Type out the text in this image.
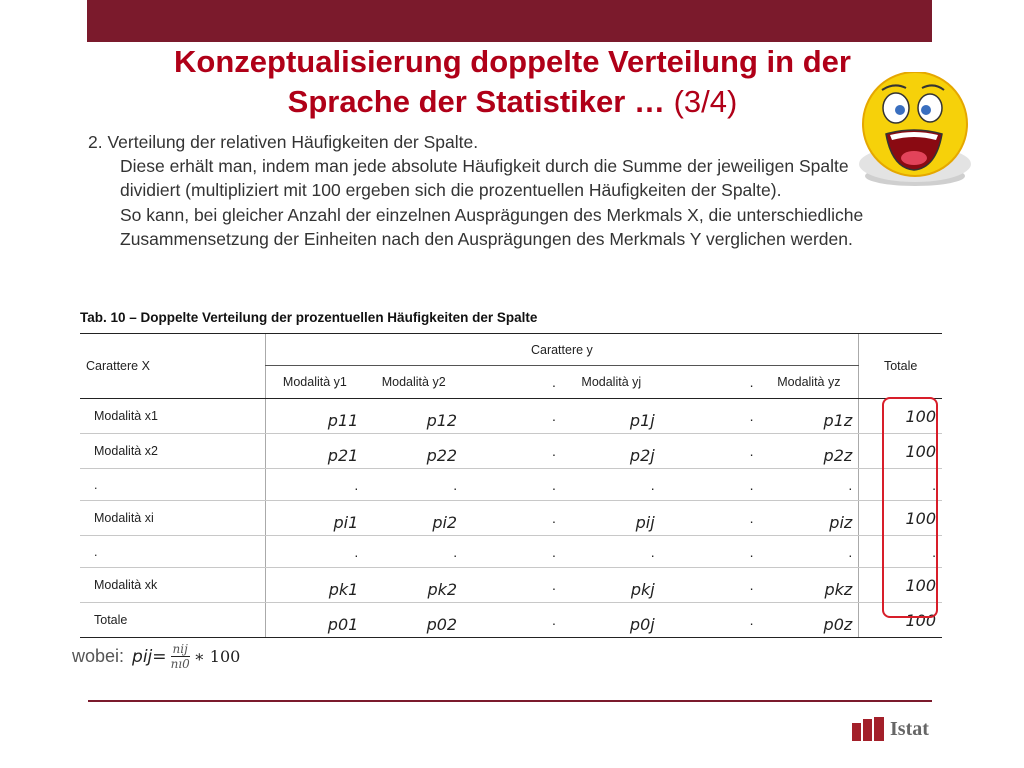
Konzeptualisierung doppelte Verteilung in der
Sprache der Statistiker … (3/4)

2. Verteilung der relativen Häufigkeiten der Spalte.

Diese erhält man, indem man jede absolute Häufigkeit durch die Summe der jeweiligen Spalte dividiert (multipliziert mit 100 ergeben sich die prozentuellen Häufigkeiten der Spalte).

So kann, bei gleicher Anzahl der einzelnen Ausprägungen des Merkmals X, die unterschiedliche Zusammensetzung der Einheiten nach den Ausprägungen des Merkmals Y verglichen werden.

Tab. 10 – Doppelte Verteilung der prozentuellen Häufigkeiten der Spalte
Carattere X	Carattere y						Totale
	Modalità y1	Modalità y2	.	Modalità yj	.	Modalità yz	
Modalità x1	p11	p12	.	p1j	.	p1z	100
Modalità x2	p21	p22	.	p2j	.	p2z	100
.	.	.	.	.	.	.	.
Modalità xi	pi1	pi2	.	pij	.	piz	100
.	.	.	.	.	.	.	.
Modalità xk	pk1	pk2	.	pkj	.	pkz	100
Totale	p01	p02	.	p0j	.	p0z	100
wobei: $pij= \frac{\text{nij}}{nı0}$ ∗ 100
Istat
